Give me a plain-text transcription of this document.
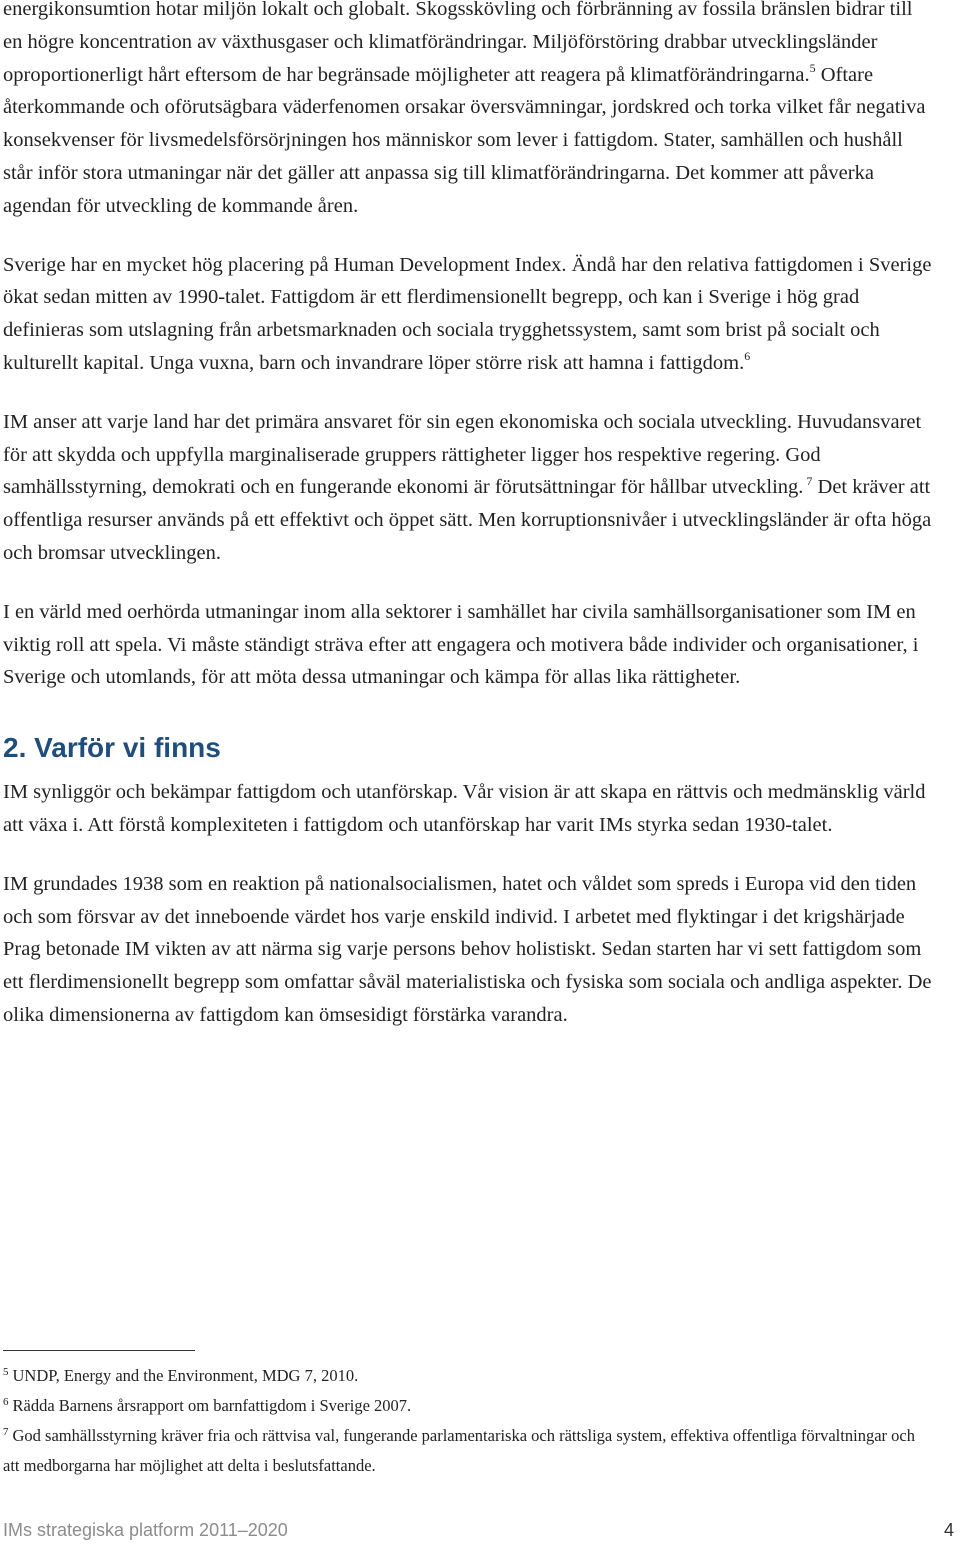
energikonsumtion hotar miljön lokalt och globalt. Skogsskövling och förbränning av fossila bränslen bidrar till en högre koncentration av växthusgaser och klimatförändringar. Miljöförstöring drabbar utvecklingsländer oproportionerligt hårt eftersom de har begränsade möjligheter att reagera på klimatförändringarna.$^5$ Oftare återkommande och oförutsägbara väderfenomen orsakar översvämningar, jordskred och torka vilket får negativa konsekvenser för livsmedelsförsörjningen hos människor som lever i fattigdom. Stater, samhällen och hushåll står inför stora utmaningar när det gäller att anpassa sig till klimatförändringarna. Det kommer att påverka agendan för utveckling de kommande åren.

Sverige har en mycket hög placering på Human Development Index. Ändå har den relativa fattigdomen i Sverige ökat sedan mitten av 1990-talet. Fattigdom är ett flerdimensionellt begrepp, och kan i Sverige i hög grad definieras som utslagning från arbetsmarknaden och sociala trygghetssystem, samt som brist på socialt och kulturellt kapital. Unga vuxna, barn och invandrare löper större risk att hamna i fattigdom.$^6$

IM anser att varje land har det primära ansvaret för sin egen ekonomiska och sociala utveckling. Huvudansvaret för att skydda och uppfylla marginaliserade gruppers rättigheter ligger hos respektive regering. God samhällsstyrning, demokrati och en fungerande ekonomi är förutsättningar för hållbar utveckling. $^7$ Det kräver att offentliga resurser används på ett effektivt och öppet sätt. Men korruptionsnivåer i utvecklingsländer är ofta höga och bromsar utvecklingen.

I en värld med oerhörda utmaningar inom alla sektorer i samhället har civila samhällsorganisationer som IM en viktig roll att spela. Vi måste ständigt sträva efter att engagera och motivera både individer och organisationer, i Sverige och utomlands, för att möta dessa utmaningar och kämpa för allas lika rättigheter.

2. Varför vi finns

IM synliggör och bekämpar fattigdom och utanförskap. Vår vision är att skapa en rättvis och medmänsklig värld att växa i. Att förstå komplexiteten i fattigdom och utanförskap har varit IMs styrka sedan 1930-talet.

IM grundades 1938 som en reaktion på nationalsocialismen, hatet och våldet som spreds i Europa vid den tiden och som försvar av det inneboende värdet hos varje enskild individ. I arbetet med flyktingar i det krigshärjade Prag betonade IM vikten av att närma sig varje persons behov holistiskt. Sedan starten har vi sett fattigdom som ett flerdimensionellt begrepp som omfattar såväl materialistiska och fysiska som sociala och andliga aspekter. De olika dimensionerna av fattigdom kan ömsesidigt förstärka varandra.

$^5$ UNDP, Energy and the Environment, MDG 7, 2010.

$^6$ Rädda Barnens årsrapport om barnfattigdom i Sverige 2007.

$^7$ God samhällsstyrning kräver fria och rättvisa val, fungerande parlamentariska och rättsliga system, effektiva offentliga förvaltningar och att medborgarna har möjlighet att delta i beslutsfattande.

IMs strategiska platform 2011–2020	4
